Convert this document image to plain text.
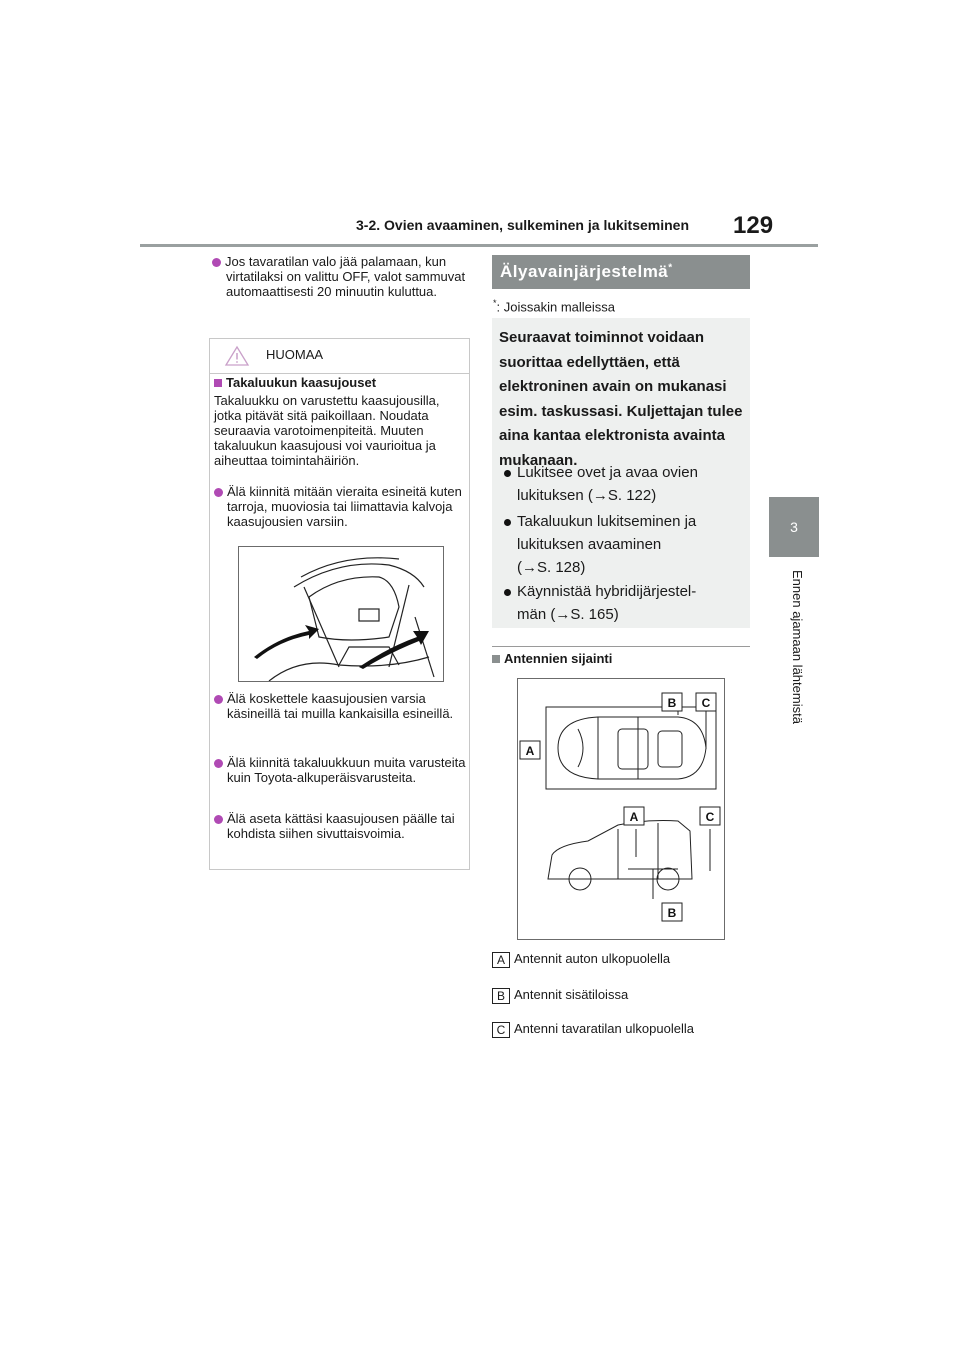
3-2. Ovien avaaminen, sulkeminen ja lukitseminen 129
3
Ennen ajamaan lähtemistä
Jos tavaratilan valo jää palamaan, kun virtatilaksi on valittu OFF, valot sammuvat automaattisesti 20 minuutin kuluttua.
HUOMAA
Takaluukun kaasujouset
Takaluukku on varustettu kaasujousilla, jotka pitävät sitä paikoillaan. Noudata seuraavia varotoimenpiteitä. Muuten takaluukun kaasujousi voi vaurioitua ja aiheuttaa toimintahäiriön.
Älä kiinnitä mitään vieraita esineitä kuten tarroja, muoviosia tai liimattavia kalvoja kaasujousien varsiin.
Älä koskettele kaasujousien varsia käsineillä tai muilla kankaisilla esineillä.
Älä kiinnitä takaluukkuun muita varusteita kuin Toyota-alkuperäisvarusteita.
Älä aseta kättäsi kaasujousen päälle tai kohdista siihen sivuttaisvoimia.
Älyavainjärjestelmä*
*: Joissakin malleissa
Seuraavat toiminnot voidaan suorittaa edellyttäen, että elektroninen avain on mukanasi esim. taskussasi. Kuljettajan tulee aina kantaa elektronista avainta mukanaan.
Lukitsee ovet ja avaa ovien
lukituksen (→S. 122)
Takaluukun lukitseminen ja
lukituksen avaaminen
(→S. 128)
Käynnistää hybridijärjestel-
män (→S. 165)
Antennien sijainti
B C
A
A	C
B
A Antennit auton ulkopuolella
B Antennit sisätiloissa
C Antenni tavaratilan ulkopuolella
